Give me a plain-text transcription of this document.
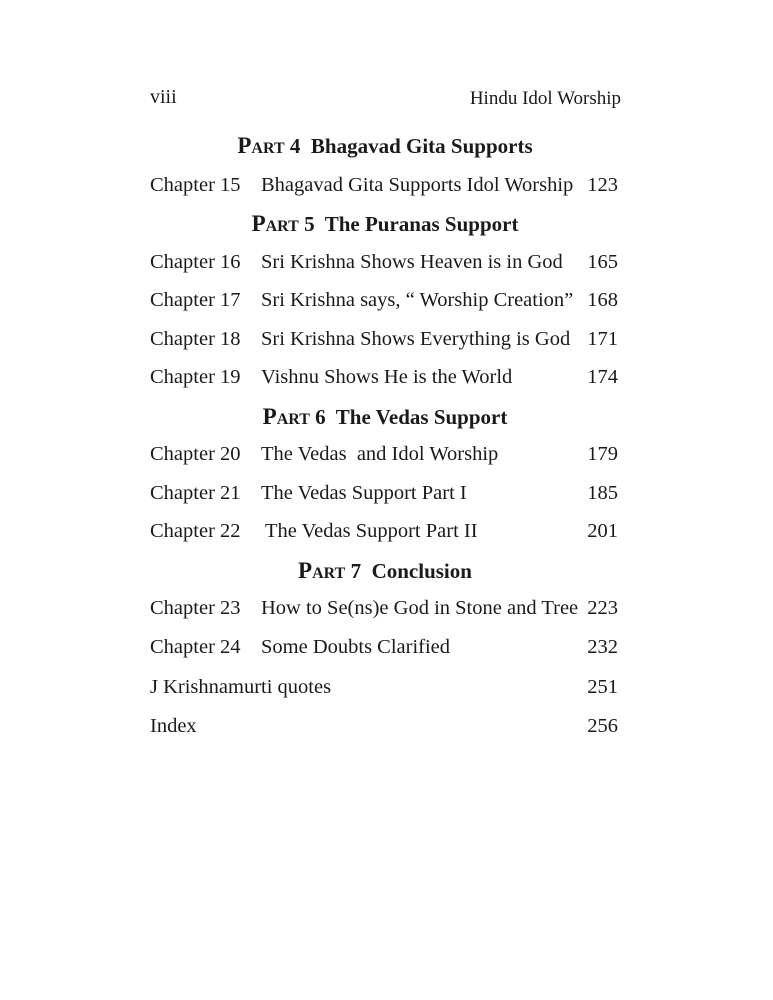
viii	Hindu Idol Worship
PART 4 Bhagavad Gita Supports
Chapter 15 Bhagavad Gita Supports Idol Worship 123
PART 5 The Puranas Support
Chapter 16 Sri Krishna Shows Heaven is in God 165
Chapter 17 Sri Krishna says, “ Worship Creation” 168
Chapter 18 Sri Krishna Shows Everything is God 171
Chapter 19 Vishnu Shows He is the World	174
PART 6 The Vedas Support
Chapter 20 The Vedas  and Idol Worship	179
Chapter 21 The Vedas Support Part I	185
Chapter 22 The Vedas Support Part II	201
PART 7 Conclusion
Chapter 23 How to Se(ns)e God in Stone and Tree 223
Chapter 24 Some Doubts Clarified	232
J Krishnamurti quotes	251
Index	256
